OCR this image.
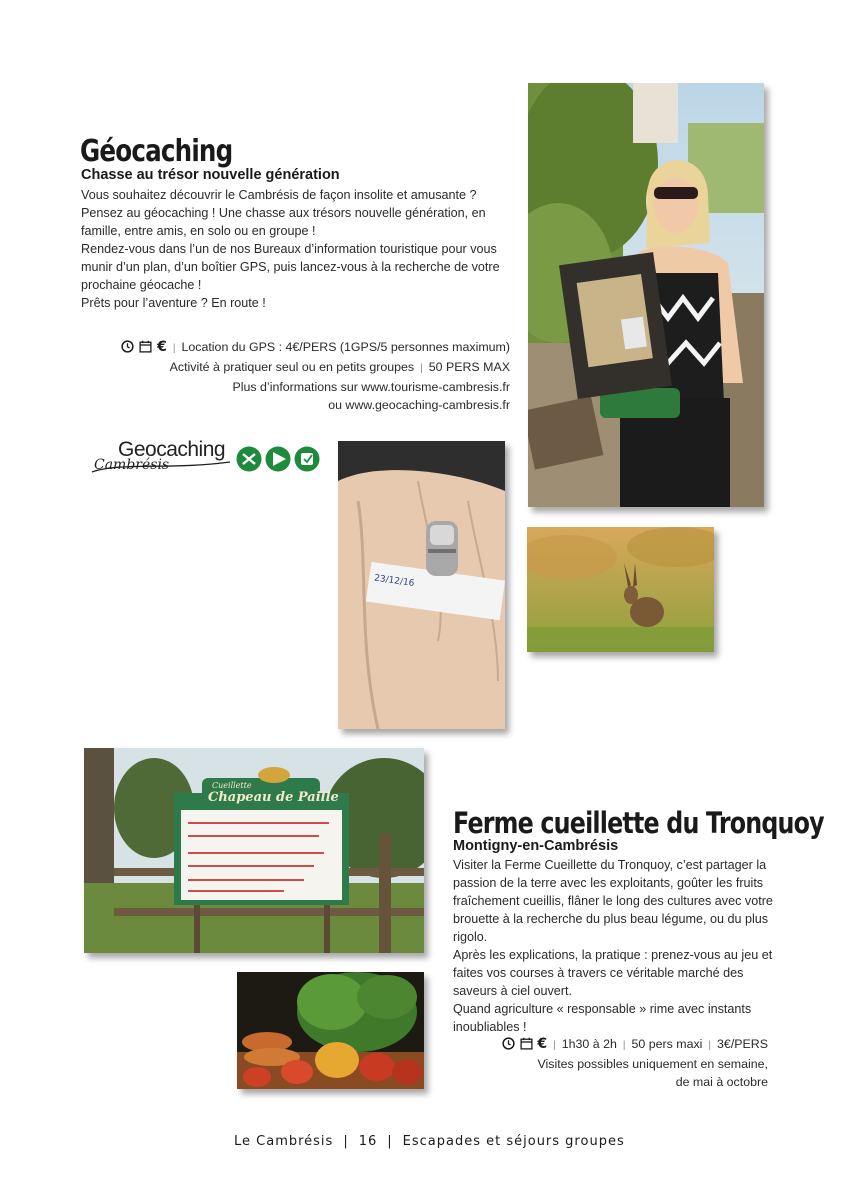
Géocaching
Chasse au trésor nouvelle génération

Vous souhaitez découvrir le Cambrésis de façon insolite et amusante ?

Pensez au géocaching ! Une chasse aux trésors nouvelle génération, en

famille, entre amis, en solo ou en groupe !

Rendez-vous dans l’un de nos Bureaux d’information touristique pour vous

munir d’un plan, d’un boîtier GPS, puis lancez-vous à la recherche de votre

prochaine géocache !

Prêts pour l’aventure ? En route !

€ | Location du GPS : 4€/PERS (1GPS/5 personnes maximum)
Activité à pratiquer seul ou en petits groupes | 50 PERS MAX
Plus d’informations sur www.tourisme-cambresis.fr
ou www.geocaching-cambresis.fr
Geocaching
Cambrésis
23/12/16
Cueillette
Chapeau de Paille
Ferme cueillette du Tronquoy
Montigny-en-Cambrésis

Visiter la Ferme Cueillette du Tronquoy, c’est partager la

passion de la terre avec les exploitants, goûter les fruits

fraîchement cueillis, flâner le long des cultures avec votre

brouette à la recherche du plus beau légume, ou du plus

rigolo.

Après les explications, la pratique : prenez-vous au jeu et

faites vos courses à travers ce véritable marché des

saveurs à ciel ouvert.

Quand agriculture « responsable » rime avec instants

inoubliables !

€ | 1h30 à 2h | 50 pers maxi | 3€/PERS
Visites possibles uniquement en semaine,
de mai à octobre
Le Cambrésis | 16 | Escapades et séjours groupes
